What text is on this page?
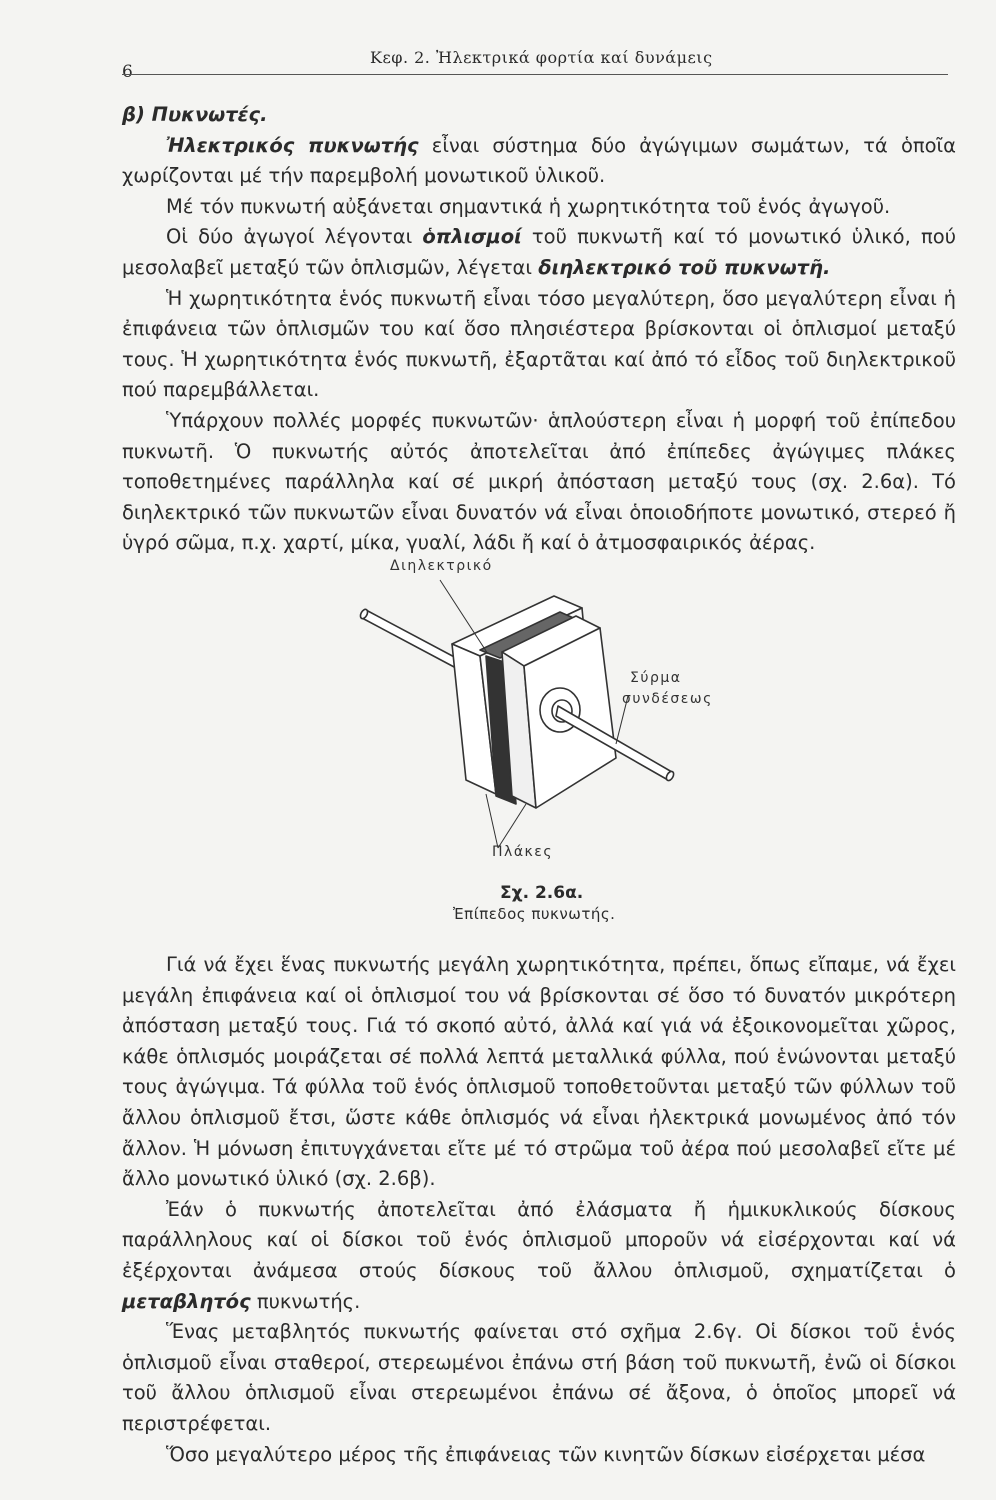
6
Κεφ. 2. Ἠλεκτρικά φορτία καί δυνάμεις

β) Πυκνωτές.

Ἠλεκτρικός πυκνωτής εἶναι σύστημα δύο ἀγώγιμων σωμάτων, τά ὁποῖα χωρίζονται μέ τήν παρεμβολή μονωτικοῦ ὑλικοῦ.

Μέ τόν πυκνωτή αὐξάνεται σημαντικά ἡ χωρητικότητα τοῦ ἑνός ἀγωγοῦ.

Οἱ δύο ἀγωγοί λέγονται ὁπλισμοί τοῦ πυκνωτῆ καί τό μονωτικό ὑλικό, πού μεσολαβεῖ μεταξύ τῶν ὁπλισμῶν, λέγεται διηλεκτρικό τοῦ πυκνωτῆ.

Ἡ χωρητικότητα ἑνός πυκνωτῆ εἶναι τόσο μεγαλύτερη, ὅσο μεγαλύτερη εἶναι ἡ ἐπιφάνεια τῶν ὁπλισμῶν του καί ὅσο πλησιέστερα βρίσκονται οἱ ὁπλισμοί μεταξύ τους. Ἡ χωρητικότητα ἑνός πυκνωτῆ, ἐξαρτᾶται καί ἀπό τό εἶδος τοῦ διηλεκτρικοῦ πού παρεμβάλλεται.

Ὑπάρχουν πολλές μορφές πυκνωτῶν· ἁπλούστερη εἶναι ἡ μορφή τοῦ ἐπίπεδου πυκνωτῆ. Ὁ πυκνωτής αὐτός ἀποτελεῖται ἀπό ἐπίπεδες ἀγώγιμες πλάκες τοποθετημένες παράλληλα καί σέ μικρή ἀπόσταση μεταξύ τους (σχ. 2.6α). Τό διηλεκτρικό τῶν πυκνωτῶν εἶναι δυνατόν νά εἶναι ὁποιοδήποτε μονωτικό, στερεό ἤ ὑγρό σῶμα, π.χ. χαρτί, μίκα, γυαλί, λάδι ἤ καί ὁ ἀτμοσφαιρικός ἀέρας.

Διηλεκτρικό
Σύρμα
συνδέσεως
Πλάκες
Σχ. 2.6α.
Ἐπίπεδος πυκνωτής.

Γιά νά ἔχει ἕνας πυκνωτής μεγάλη χωρητικότητα, πρέπει, ὅπως εἴπαμε, νά ἔχει μεγάλη ἐπιφάνεια καί οἱ ὁπλισμοί του νά βρίσκονται σέ ὅσο τό δυνατόν μικρότερη ἀπόσταση μεταξύ τους. Γιά τό σκοπό αὐτό, ἀλλά καί γιά νά ἐξοικονομεῖται χῶρος, κάθε ὁπλισμός μοιράζεται σέ πολλά λεπτά μεταλλικά φύλλα, πού ἑνώνονται μεταξύ τους ἀγώγιμα. Τά φύλλα τοῦ ἑνός ὁπλισμοῦ τοποθετοῦνται μεταξύ τῶν φύλλων τοῦ ἄλλου ὁπλισμοῦ ἔτσι, ὥστε κάθε ὁπλισμός νά εἶναι ἠλεκτρικά μονωμένος ἀπό τόν ἄλλον. Ἡ μόνωση ἐπιτυγχάνεται εἴτε μέ τό στρῶμα τοῦ ἀέρα πού μεσολαβεῖ εἴτε μέ ἄλλο μονωτικό ὑλικό (σχ. 2.6β).

Ἐάν ὁ πυκνωτής ἀποτελεῖται ἀπό ἐλάσματα ἤ ἡμικυκλικούς δίσκους παράλληλους καί οἱ δίσκοι τοῦ ἑνός ὁπλισμοῦ μποροῦν νά εἰσέρχονται καί νά ἐξέρχονται ἀνάμεσα στούς δίσκους τοῦ ἄλλου ὁπλισμοῦ, σχηματίζεται ὁ μεταβλητός πυκνωτής.

Ἕνας μεταβλητός πυκνωτής φαίνεται στό σχῆμα 2.6γ. Οἱ δίσκοι τοῦ ἑνός ὁπλισμοῦ εἶναι σταθεροί, στερεωμένοι ἐπάνω στή βάση τοῦ πυκνωτῆ, ἐνῶ οἱ δίσκοι τοῦ ἄλλου ὁπλισμοῦ εἶναι στερεωμένοι ἐπάνω σέ ἄξονα, ὁ ὁποῖος μπορεῖ νά περιστρέφεται.

Ὅσο μεγαλύτερο μέρος τῆς ἐπιφάνειας τῶν κινητῶν δίσκων εἰσέρχεται μέσα
